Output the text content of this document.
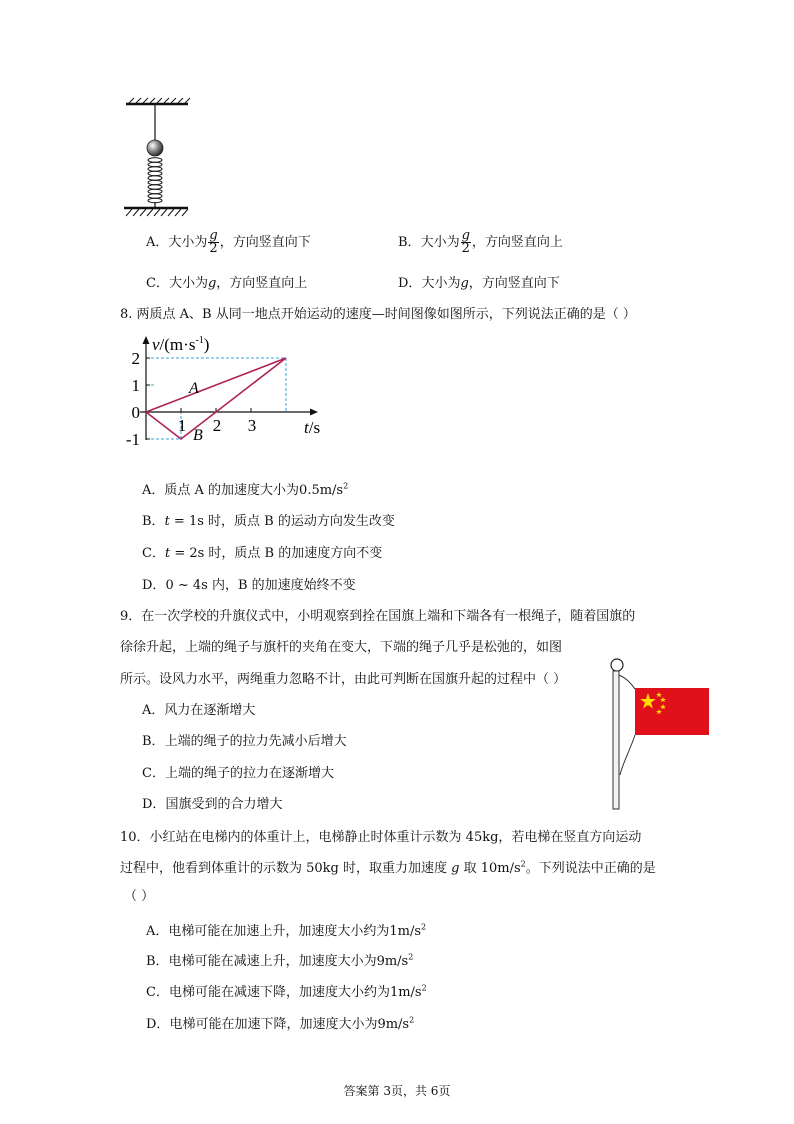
A．大小为 $\frac{g}{2}$ ，方向竖直向下	B．大小为 $\frac{g}{2}$ ，方向竖直向上
C．大小为g，方向竖直向上	D．大小为g，方向竖直向下
8. 两质点 A、B 从同一地点开始运动的速度—时间图像如图所示，下列说法正确的是（ ）
1 2 3
2
1
0
-1
$v/(m\cdot s^{-1})$
t/s
A
B
A．质点 A 的加速度大小为$0.5m/s^2$
B．t = 1s 时，质点 B 的运动方向发生改变
C．t = 2s 时，质点 B 的加速度方向不变
D．0 ~ 4s 内，B 的加速度始终不变
9．在一次学校的升旗仪式中，小明观察到拴在国旗上端和下端各有一根绳子，随着国旗的
徐徐升起，上端的绳子与旗杆的夹角在变大，下端的绳子几乎是松弛的，如图
所示。设风力水平，两绳重力忽略不计，由此可判断在国旗升起的过程中（ ）
A．风力在逐渐增大
B．上端的绳子的拉力先减小后增大
C．上端的绳子的拉力在逐渐增大
D．国旗受到的合力增大
10．小红站在电梯内的体重计上，电梯静止时体重计示数为 45kg，若电梯在竖直方向运动
过程中，他看到体重计的示数为 50kg 时，取重力加速度 g 取 $10m/s^2$。下列说法中正确的是
（ ）
A．电梯可能在加速上升，加速度大小约为$1m/s^2$
B．电梯可能在减速上升，加速度大小为$9m/s^2$
C．电梯可能在减速下降，加速度大小约为$1m/s^2$
D．电梯可能在加速下降，加速度大小为$9m/s^2$
答案第 3页，共 6页
